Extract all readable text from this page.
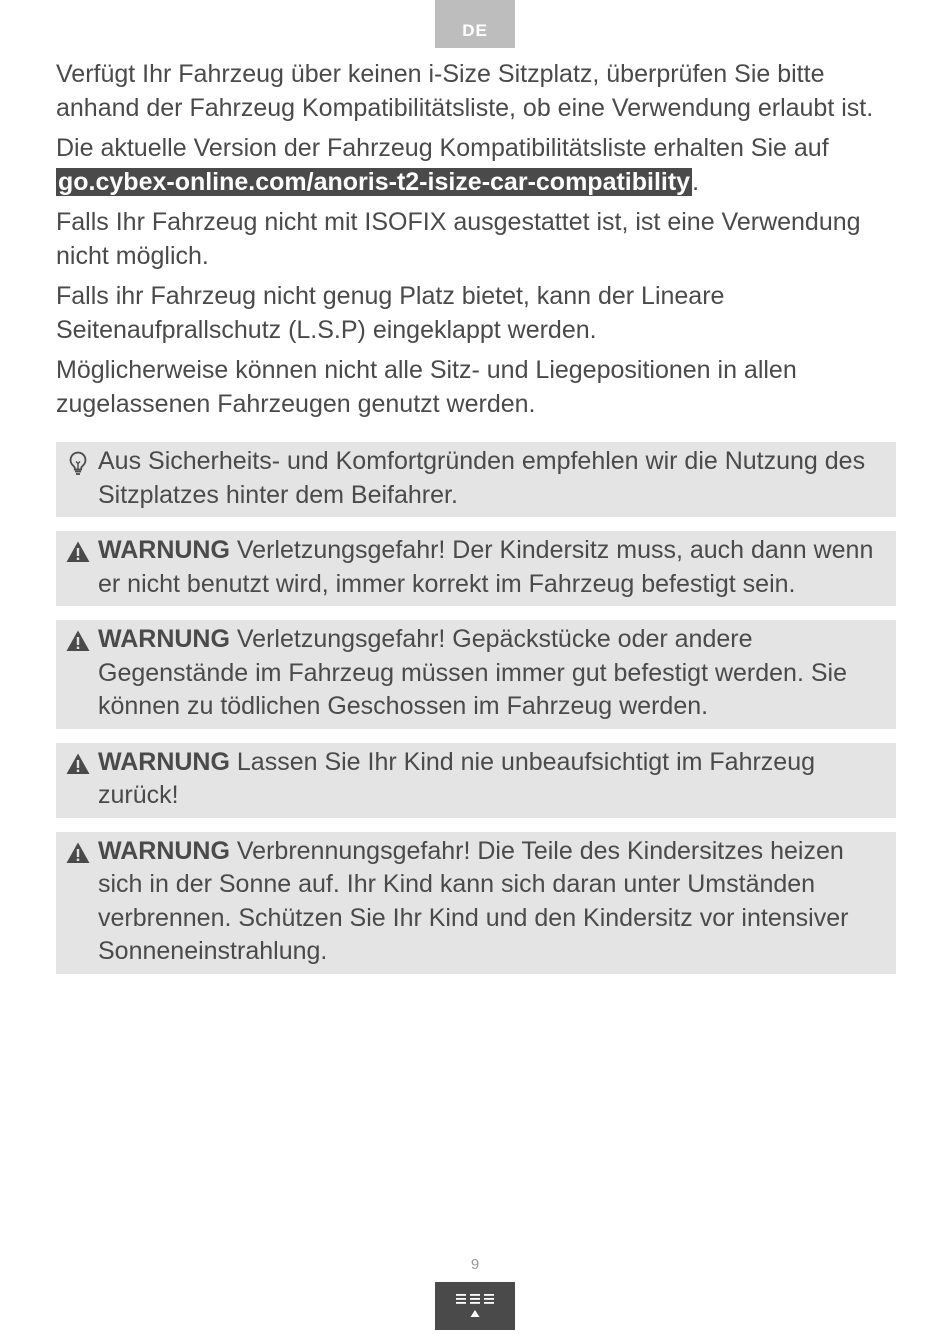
DE

Verfügt Ihr Fahrzeug über keinen i-Size Sitzplatz, überprüfen Sie bitte anhand der Fahrzeug Kompatibilitätsliste, ob eine Verwendung erlaubt ist.

Die aktuelle Version der Fahrzeug Kompatibilitätsliste erhalten Sie auf go.cybex-online.com/anoris-t2-isize-car-compatibility.

Falls Ihr Fahrzeug nicht mit ISOFIX ausgestattet ist, ist eine Verwendung nicht möglich.

Falls ihr Fahrzeug nicht genug Platz bietet, kann der Lineare Seitenaufprallschutz (L.S.P) eingeklappt werden.

Möglicherweise können nicht alle Sitz- und Liegepositionen in allen zugelassenen Fahrzeugen genutzt werden.

Aus Sicherheits- und Komfortgründen empfehlen wir die Nutzung des Sitzplatzes hinter dem Beifahrer.
WARNUNG Verletzungsgefahr! Der Kindersitz muss, auch dann wenn er nicht benutzt wird, immer korrekt im Fahrzeug befestigt sein.
WARNUNG Verletzungsgefahr! Gepäckstücke oder andere Gegenstände im Fahrzeug müssen immer gut befestigt werden. Sie können zu tödlichen Geschossen im Fahrzeug werden.
WARNUNG Lassen Sie Ihr Kind nie unbeaufsichtigt im Fahrzeug zurück!
WARNUNG Verbrennungsgefahr! Die Teile des Kindersitzes heizen sich in der Sonne auf. Ihr Kind kann sich daran unter Umständen verbrennen. Schützen Sie Ihr Kind und den Kindersitz vor intensiver Sonneneinstrahlung.
9
